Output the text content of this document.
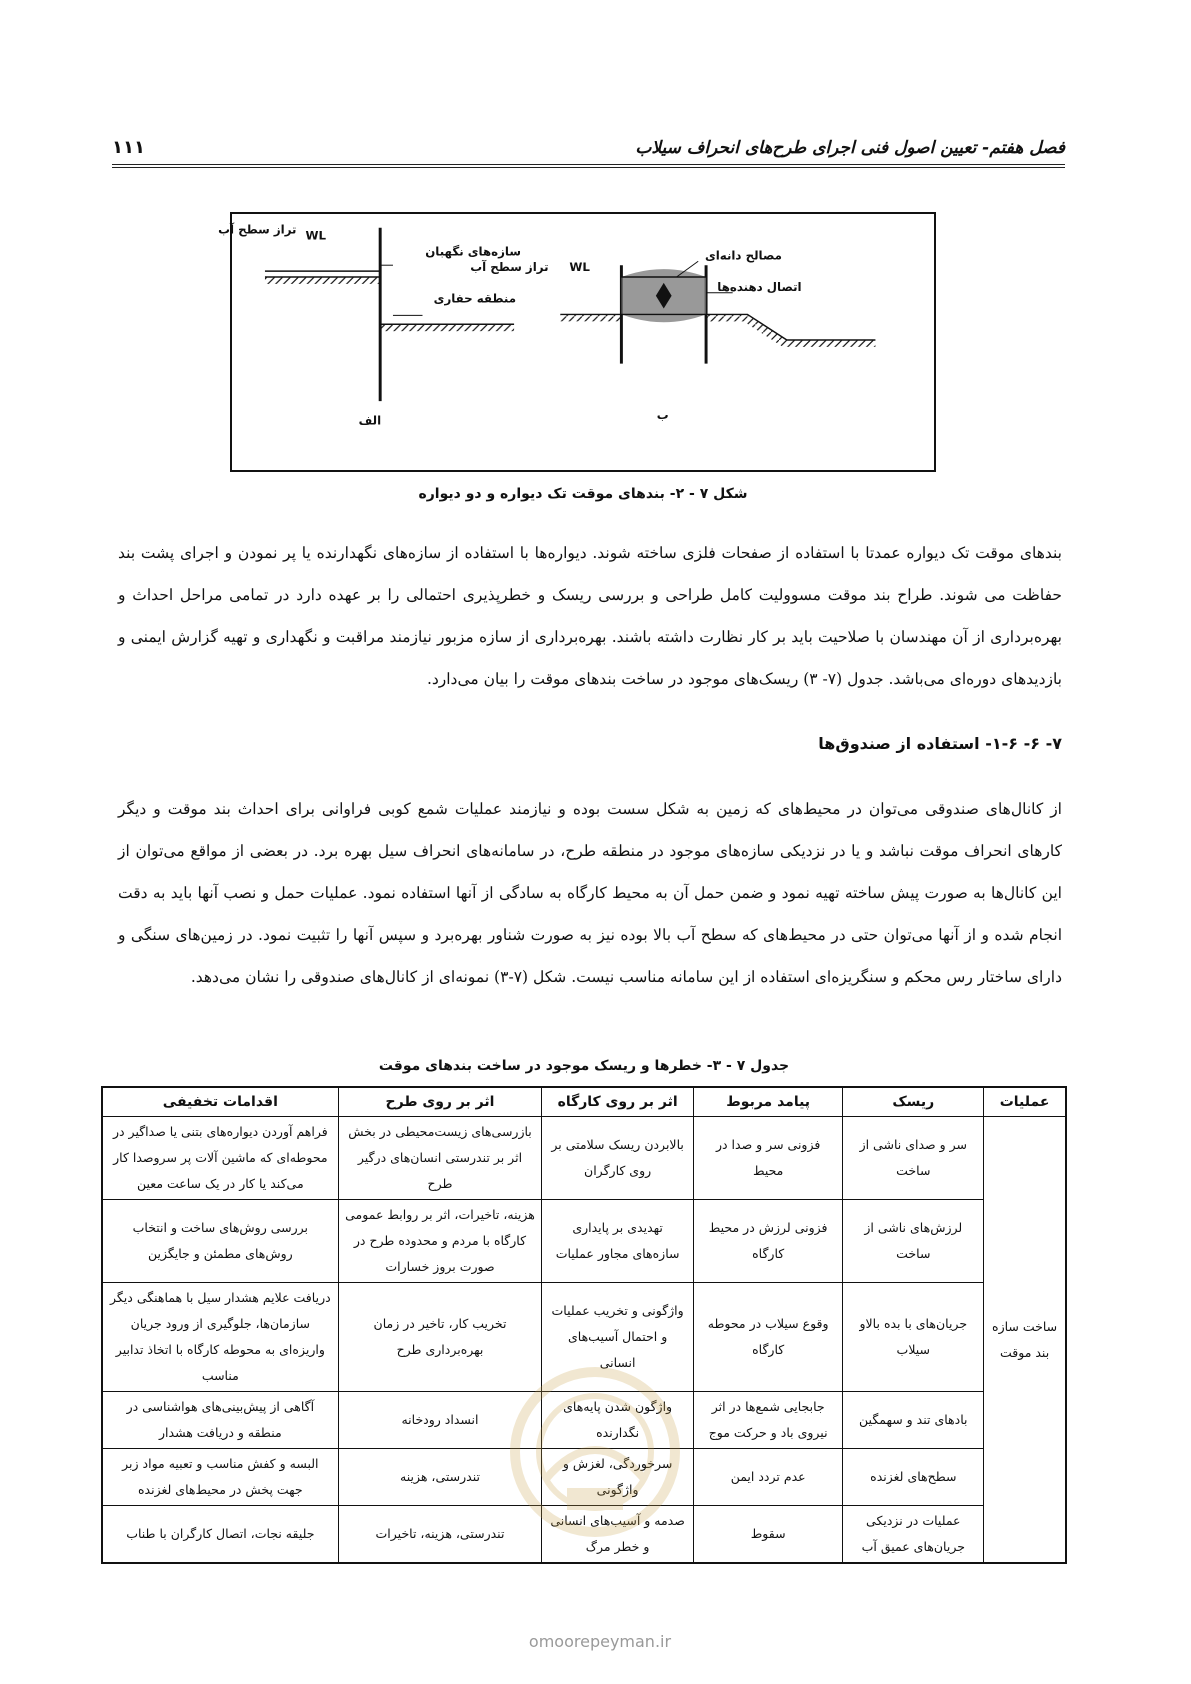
فصل هفتم- تعیین اصول فنی اجرای طرح‌های انحراف سیلاب
۱۱۱
تراز سطح آب WL
سازه‌های نگهبان
منطقه حفاری
الف
تراز سطح آب WL
مصالح دانه‌ای
اتصال دهنده‌ها
ب
شکل ۷ - ۲- بندهای موقت تک دیواره و دو دیواره

بندهای موقت تک دیواره عمدتا با استفاده از صفحات فلزی ساخته شوند. دیواره‌ها با استفاده از سازه‌های نگهدارنده یا پر نمودن و اجرای پشت بند حفاظت می شوند. طراح بند موقت مسوولیت کامل طراحی و بررسی ریسک و خطرپذیری احتمالی را بر عهده دارد در تمامی مراحل احداث و بهره‌برداری از آن مهندسان با صلاحیت باید بر کار نظارت داشته باشند. بهره‌برداری از سازه مزبور نیازمند مراقبت و نگهداری و تهیه گزارش ایمنی و بازدیدهای دوره‌ای می‌باشد. جدول (۷- ۳) ریسک‌های موجود در ساخت بندهای موقت را بیان می‌دارد.

۷- ۶- ۱-۶- استفاده از صندوق‌ها

از کانال‌های صندوقی می‌توان در محیط‌های که زمین به شکل سست بوده و نیازمند عملیات شمع کوبی فراوانی برای احداث بند موقت و دیگر کارهای انحراف موقت نباشد و یا در نزدیکی سازه‌های موجود در منطقه طرح، در سامانه‌های انحراف سیل بهره برد. در بعضی از مواقع می‌توان از این کانال‌ها به صورت پیش ساخته تهیه نمود و ضمن حمل آن به محیط کارگاه به سادگی از آنها استفاده نمود. عملیات حمل و نصب آنها باید به دقت انجام شده و از آنها می‌توان حتی در محیط‌های که سطح آب بالا بوده نیز به صورت شناور بهره‌برد و سپس آنها را تثبیت نمود. در زمین‌های سنگی و دارای ساختار رس محکم و سنگریزه‌ای استفاده از این سامانه مناسب نیست. شکل (۷-۳) نمونه‌ای از کانال‌های صندوقی را نشان می‌دهد.

جدول ۷ - ۳- خطرها و ریسک موجود در ساخت بندهای موقت
عملیات	ریسک	پیامد مربوط	اثر بر روی کارگاه	اثر بر روی طرح	اقدامات تخفیفی
ساخت سازه بند موقت	سر و صدای ناشی از ساخت	فزونی سر و صدا در محیط	بالابردن ریسک سلامتی بر روی کارگران	بازرسی‌های زیست‌محیطی در بخش اثر بر تندرستی انسان‌های درگیر طرح	فراهم آوردن دیواره‌های بتنی یا صداگیر در محوطه‌ای که ماشین آلات پر سروصدا کار می‌کند یا کار در یک ساعت معین
	لرزش‌های ناشی از ساخت	فزونی لرزش در محیط کارگاه	تهدیدی بر پایداری سازه‌های مجاور عملیات	هزینه، تاخیرات، اثر بر روابط عمومی کارگاه با مردم و محدوده طرح در صورت بروز خسارات	بررسی روش‌های ساخت و انتخاب روش‌های مطمئن و جایگزین
	جریان‌های با بده بالاو سیلاب	وقوع سیلاب در محوطه کارگاه	واژگونی و تخریب عملیات و احتمال آسیب‌های انسانی	تخریب کار، تاخیر در زمان بهره‌برداری طرح	دریافت علایم هشدار سیل با هماهنگی دیگر سازمان‌ها، جلوگیری از ورود جریان واریزه‌ای به محوطه کارگاه با اتخاذ تدابیر مناسب
	بادهای تند و سهمگین	جابجایی شمع‌ها در اثر نیروی باد و حرکت موج	واژگون شدن پایه‌های نگدارنده	انسداد رودخانه	آگاهی از پیش‌بینی‌های هواشناسی در منطقه و دریافت هشدار
	سطح‌های لغزنده	عدم تردد ایمن	سرخوردگی، لغزش و واژگونی	تندرستی، هزینه	البسه و کفش مناسب و تعبیه مواد زبر جهت پخش در محیط‌های لغزنده
	عملیات در نزدیکی جریان‌های عمیق آب	سقوط	صدمه و آسیب‌های انسانی و خطر مرگ	تندرستی، هزینه، تاخیرات	جلیقه نجات، اتصال کارگران با طناب
omoorepeyman.ir
